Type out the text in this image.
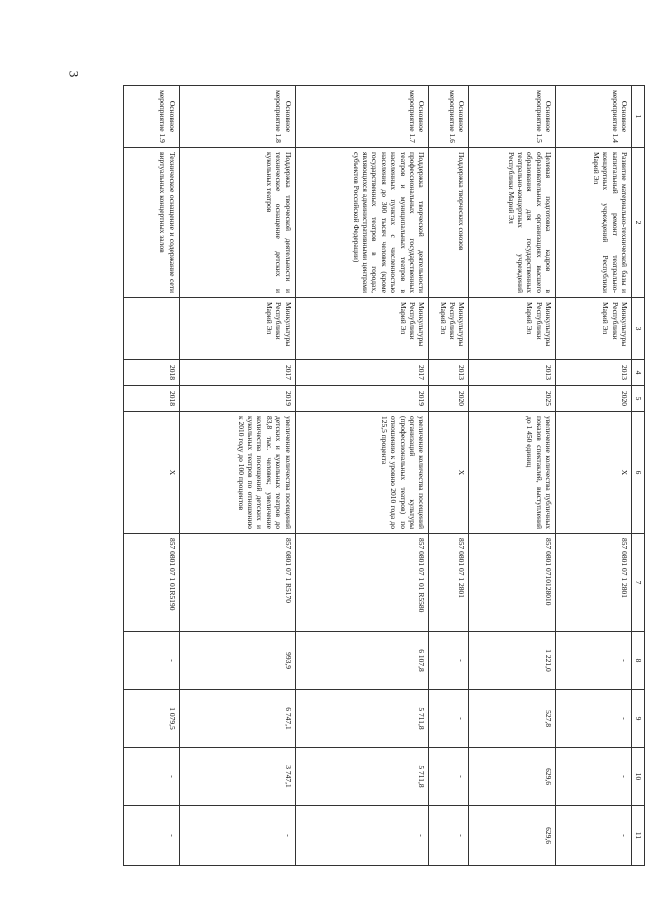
3
1	2	3	4	5	6	7	8	9	10	11
Основное мероприятие 1.4	Развитие материально-технической базы и капитальный ремонт театрально-концертных учреждений Республики Марий Эл	Минкультуры Республики Марий Эл	2013	2020	X	857 0801 07 1 2801	-	-	-	-
Основное мероприятие 1.5	Целевая подготовка кадров в образовательных организациях высшего образования для государственных театрально-концертных учреждений Республики Марий Эл	Минкультуры Республики Марий Эл	2013	2025	увеличение количества публичных показов спектаклей, выступлений до 1 450 единиц	857 0801 0710128010	1 221,0	527,8	629,6	629,6
Основное мероприятие 1.6	Поддержка творческих союзов	Минкультуры Республики Марий Эл	2013	2020	X	857 0801 07 1 2801	-	-	-	-
Основное мероприятие 1.7	Поддержка творческой деятельности профессиональных государственных театров и муниципальных театров в населенных пунктах с численностью населения до 300 тысяч человек (кроме государственных театров в городах, являющихся административными центрами субъектов Российской Федерации)	Минкультуры Республики Марий Эл	2017	2019	увеличение количества посещений организаций культуры (профессиональных театров) по отношению к уровню 2010 года до 125,5 процента	857 0801 07 1 01 R5580	6 107,8	5 711,8	5 711,8	-
Основное мероприятие 1.8	Поддержка творческой деятельности и техническое оснащение детских и кукольных театров	Минкультуры Республики Марий Эл	2017	2019	увеличение количества посещений детских и кукольных театров до 83,8 тыс. человек; увеличение количества посещений детских и кукольных театров по отношению к 2010 году до 100 процентов	857 0801 07 1 R5170	993,9	6 747,1	3 747,1	-
Основное мероприятие 1.9	Техническое оснащение и содержание сети виртуальных концертных залов		2018	2018	X	857 0801 07 1 01R5190	-	1 079,5	-	-
